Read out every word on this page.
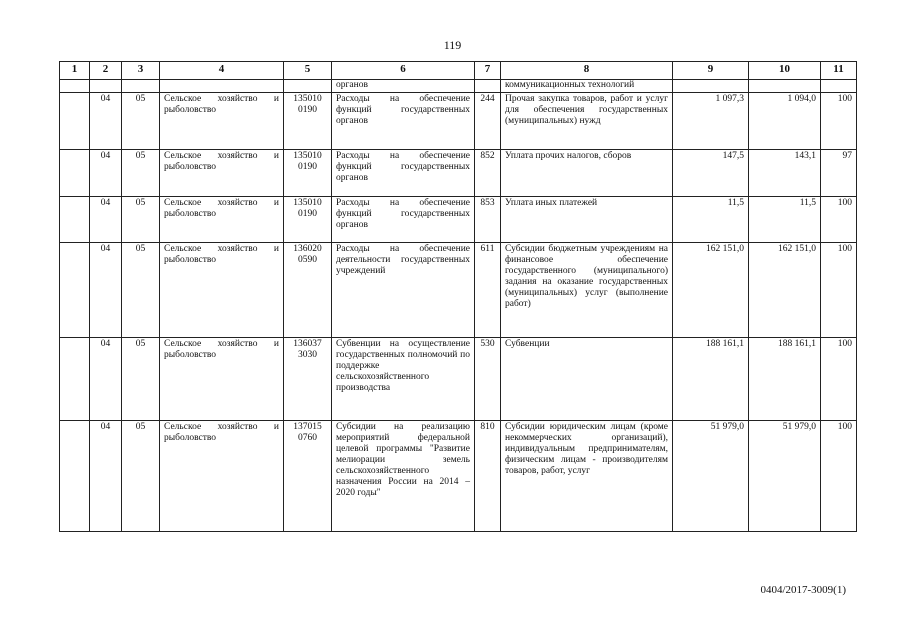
119
1	2	3	4	5	6	7	8	9	10	11
					органов		коммуникационных технологий			
	04	05	Сельское хозяйство и рыболовство	135010 0190	Расходы на обеспечение функций государственных органов	244	Прочая закупка товаров, работ и услуг для обеспечения государственных (муниципальных) нужд	1 097,3	1 094,0	100
	04	05	Сельское хозяйство и рыболовство	135010 0190	Расходы на обеспечение функций государственных органов	852	Уплата прочих налогов, сборов	147,5	143,1	97
	04	05	Сельское хозяйство и рыболовство	135010 0190	Расходы на обеспечение функций государственных органов	853	Уплата иных платежей	11,5	11,5	100
	04	05	Сельское хозяйство и рыболовство	136020 0590	Расходы на обеспечение деятельности государственных учреждений	611	Субсидии бюджетным учреждениям на финансовое обеспечение государственного (муниципального) задания на оказание государственных (муниципальных) услуг (выполнение работ)	162 151,0	162 151,0	100
	04	05	Сельское хозяйство и рыболовство	136037 3030	Субвенции на осуществление государственных полномочий по поддержке сельскохозяйственного производства	530	Субвенции	188 161,1	188 161,1	100
	04	05	Сельское хозяйство и рыболовство	137015 0760	Субсидии на реализацию мероприятий федеральной целевой программы "Развитие мелиорации земель сельскохозяйственного назначения России на 2014 – 2020 годы"	810	Субсидии юридическим лицам (кроме некоммерческих организаций), индивидуальным предпринимателям, физическим лицам - производителям товаров, работ, услуг	51 979,0	51 979,0	100
0404/2017-3009(1)
